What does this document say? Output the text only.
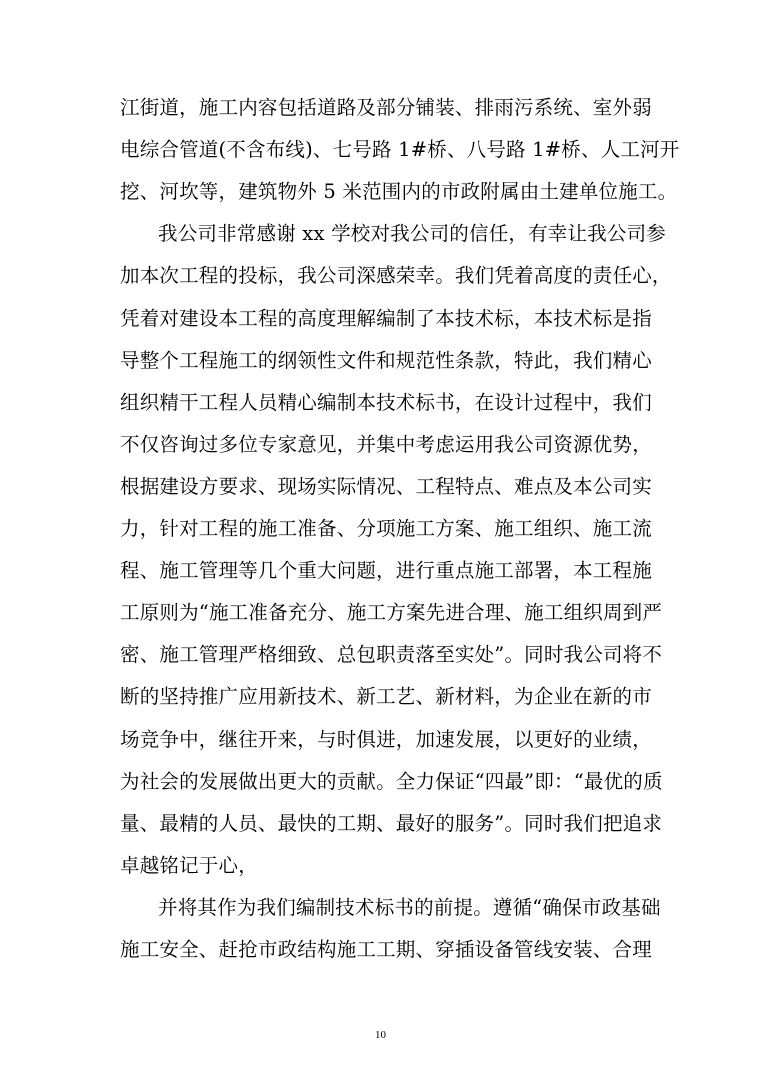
江街道，施工内容包括道路及部分铺装、排雨污系统、室外弱
电综合管道(不含布线)、七号路 1#桥、八号路 1#桥、人工河开
挖、河坎等，建筑物外 5 米范围内的市政附属由土建单位施工。
我公司非常感谢 xx 学校对我公司的信任，有幸让我公司参
加本次工程的投标，我公司深感荣幸。我们凭着高度的责任心，
凭着对建设本工程的高度理解编制了本技术标，本技术标是指
导整个工程施工的纲领性文件和规范性条款，特此，我们精心
组织精干工程人员精心编制本技术标书，在设计过程中，我们
不仅咨询过多位专家意见，并集中考虑运用我公司资源优势，
根据建设方要求、现场实际情况、工程特点、难点及本公司实
力，针对工程的施工准备、分项施工方案、施工组织、施工流
程、施工管理等几个重大问题，进行重点施工部署，本工程施
工原则为“施工准备充分、施工方案先进合理、施工组织周到严
密、施工管理严格细致、总包职责落至实处”。同时我公司将不
断的坚持推广应用新技术、新工艺、新材料，为企业在新的市
场竞争中，继往开来，与时俱进，加速发展，以更好的业绩，
为社会的发展做出更大的贡献。全力保证“四最”即：“最优的质
量、最精的人员、最快的工期、最好的服务”。同时我们把追求
卓越铭记于心，
并将其作为我们编制技术标书的前提。遵循“确保市政基础
施工安全、赶抢市政结构施工工期、穿插设备管线安装、合理
10
